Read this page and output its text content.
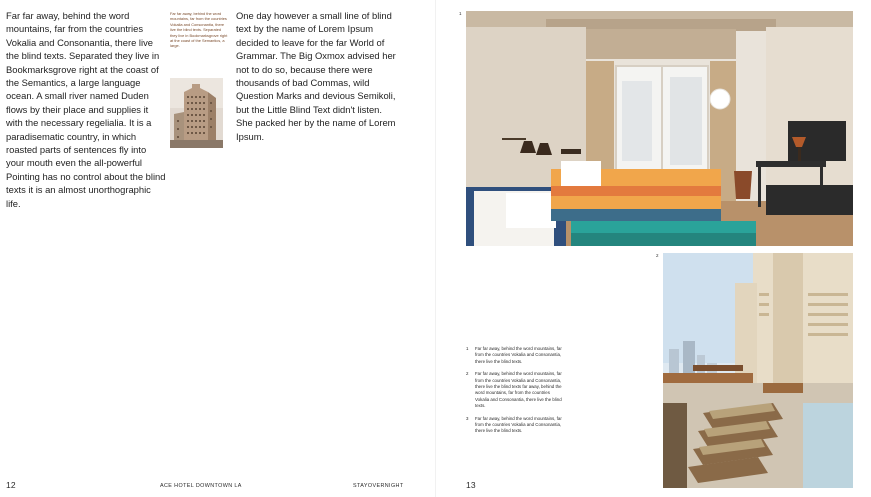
Far far away, behind the word mountains, far from the countries Vokalia and Consonantia, there live the blind texts. Separated they live in Bookmarksgrove right at the coast of the Semantics, a large language ocean. A small river named Duden flows by their place and supplies it with the necessary regelialia. It is a paradisematic country, in which roasted parts of sentences fly into your mouth even the all-powerful Pointing has no control about the blind texts it is an almost unorthographic life.

Far far away, behind the word mountains, far from the countries Vokalia and Consonantia, there live the blind texts. Separated they live in Bookmarksgrove right at the coast of the Semantics, a large.

One day however a small line of blind text by the name of Lorem Ipsum decided to leave for the far World of Grammar. The Big Oxmox advised her not to do so, because there were thousands of bad Commas, wild Question Marks and devious Semikoli, but the Little Blind Text didn't listen. She packed her by the name of Lorem Ipsum.

12	ACE HOTEL DOWNTOWN LA	STAYOVERNIGHT	13
1
2
1 Far far away, behind the word mountains, far from the countries Vokalia and Consonantia, there live the blind texts.
2 Far far away, behind the word mountains, far from the countries Vokalia and Consonantia, there live the blind texts far away, behind the word mountains, far from the countries Vokalia and Consonantia, there live the blind texts.
3 Far far away, behind the word mountains, far from the countries Vokalia and Consonantia, there live the blind texts.
